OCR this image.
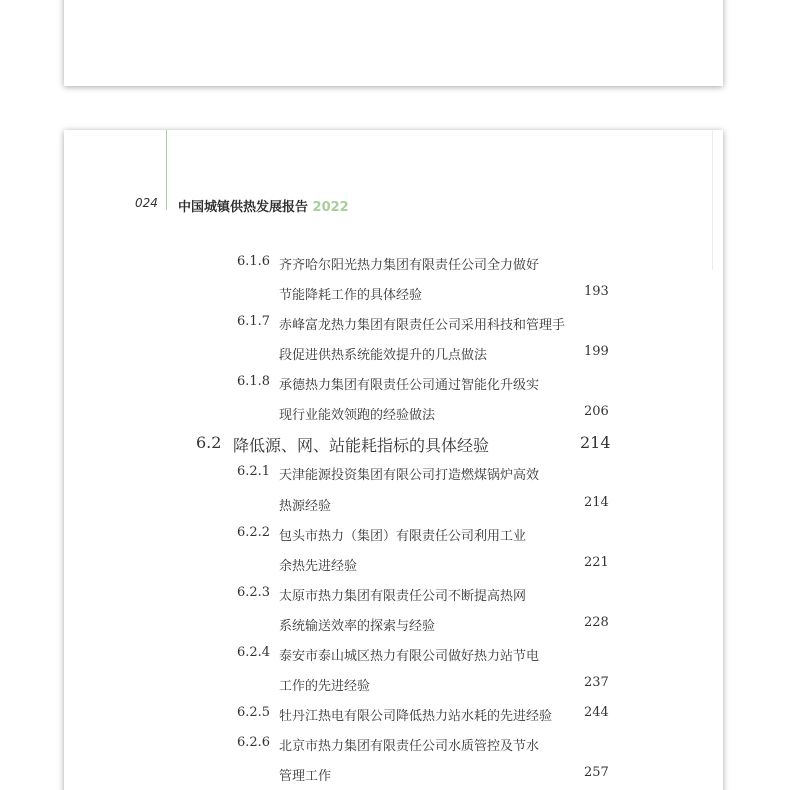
024 中国城镇供热发展报告 2022
6.1.6 齐齐哈尔阳光热力集团有限责任公司全力做好
节能降耗工作的具体经验	193
6.1.7 赤峰富龙热力集团有限责任公司采用科技和管理手
段促进供热系统能效提升的几点做法	199
6.1.8 承德热力集团有限责任公司通过智能化升级实
现行业能效领跑的经验做法	206
6.2 降低源、网、站能耗指标的具体经验	214
6.2.1 天津能源投资集团有限公司打造燃煤锅炉高效
热源经验	214
6.2.2 包头市热力（集团）有限责任公司利用工业
余热先进经验	221
6.2.3 太原市热力集团有限责任公司不断提高热网
系统输送效率的探索与经验	228
6.2.4 泰安市泰山城区热力有限公司做好热力站节电
工作的先进经验	237
6.2.5 牡丹江热电有限公司降低热力站水耗的先进经验 244
6.2.6 北京市热力集团有限责任公司水质管控及节水
管理工作	257
